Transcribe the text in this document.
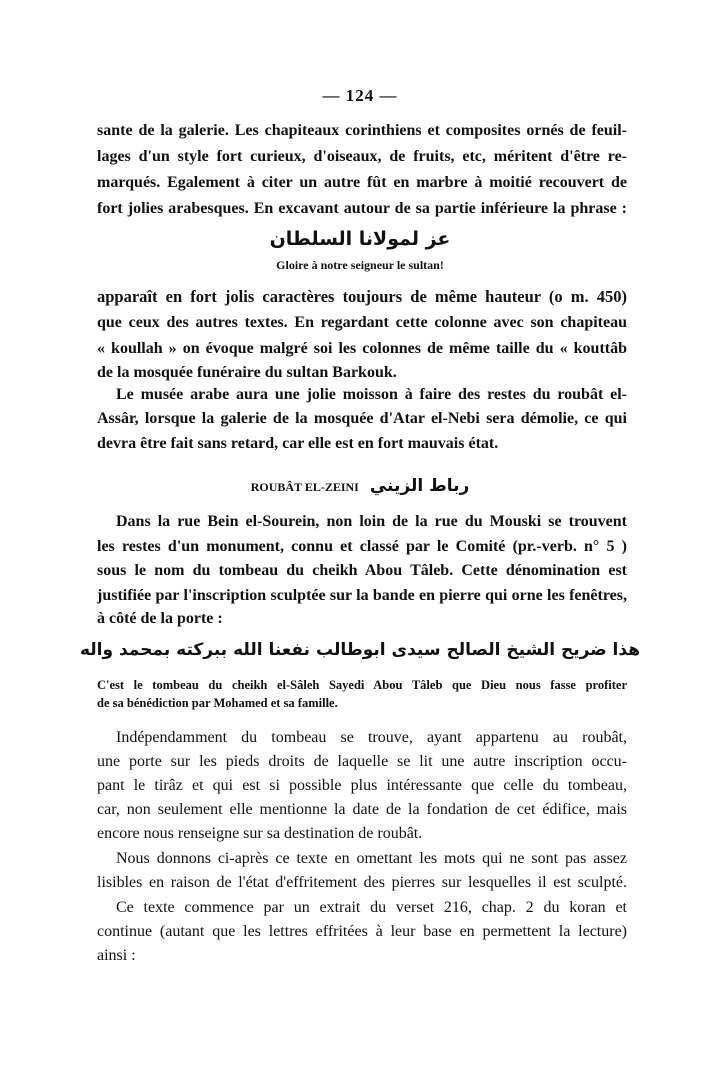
— 124 —
sante de la galerie. Les chapiteaux corinthiens et composites ornés de feuil-
lages d'un style fort curieux, d'oiseaux, de fruits, etc, méritent d'être re-
marqués. Egalement à citer un autre fût en marbre à moitié recouvert de
fort jolies arabesques. En excavant autour de sa partie inférieure la phrase :
عز لمولانا السلطان
Gloire à notre seigneur le sultan!
apparaît en fort jolis caractères toujours de même hauteur (o m. 450)
que ceux des autres textes. En regardant cette colonne avec son chapiteau
« koullah » on évoque malgré soi les colonnes de même taille du « kouttâb
de la mosquée funéraire du sultan Barkouk.
Le musée arabe aura une jolie moisson à faire des restes du roubât el-
Assâr, lorsque la galerie de la mosquée d'Atar el-Nebi sera démolie, ce qui
devra être fait sans retard, car elle est en fort mauvais état.
ROUBÂT EL-ZEINI رباط الزيني
Dans la rue Bein el-Sourein, non loin de la rue du Mouski se trouvent
les restes d'un monument, connu et classé par le Comité (pr.-verb. n° 5 )
sous le nom du tombeau du cheikh Abou Tâleb. Cette dénomination est
justifiée par l'inscription sculptée sur la bande en pierre qui orne les fenêtres,
à côté de la porte :
هذا ضريح الشيخ الصالح سيدى ابوطالب نفعنا الله ببركته بمحمد واله
C'est le tombeau du cheikh el-Sâleh Sayedi Abou Tâleb que Dieu nous fasse profiter
de sa bénédiction par Mohamed et sa famille.
Indépendamment du tombeau se trouve, ayant appartenu au roubât,
une porte sur les pieds droits de laquelle se lit une autre inscription occu-
pant le tirâz et qui est si possible plus intéressante que celle du tombeau,
car, non seulement elle mentionne la date de la fondation de cet édifice, mais
encore nous renseigne sur sa destination de roubât.
Nous donnons ci-après ce texte en omettant les mots qui ne sont pas assez
lisibles en raison de l'état d'effritement des pierres sur lesquelles il est sculpté.
Ce texte commence par un extrait du verset 216, chap. 2 du koran et
continue (autant que les lettres effritées à leur base en permettent la lecture)
ainsi :
